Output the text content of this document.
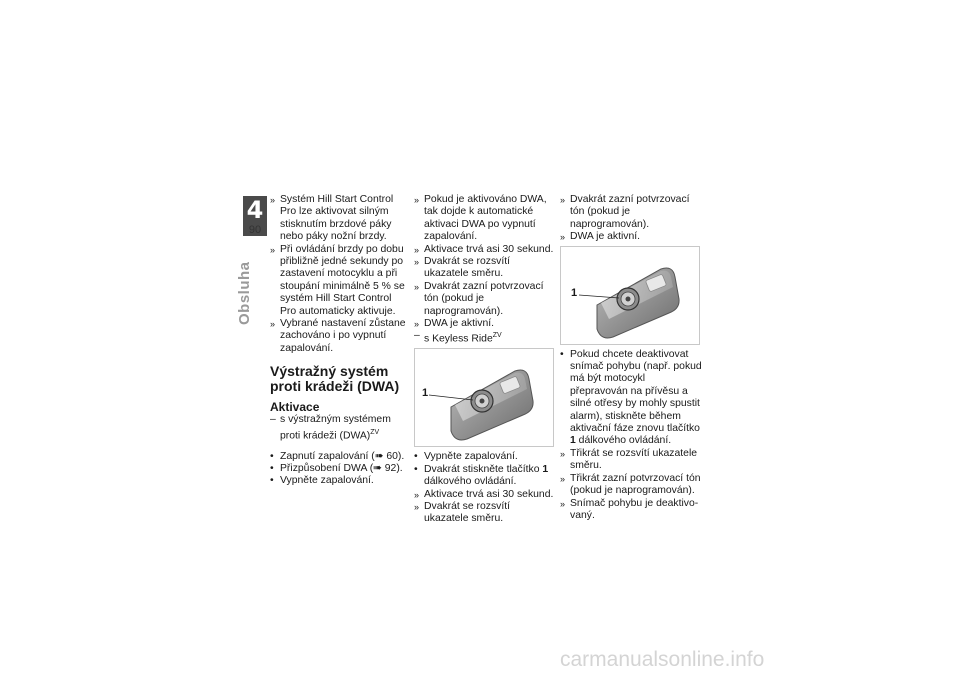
4
90
Obsluha

»
Systém Hill Start Control Pro lze aktivovat silným stisknutím brzdové páky nebo páky nožní brzdy.

»
Při ovládání brzdy po dobu přibližně jedné sekundy po zastavení motocyklu a při stoupání minimálně 5 % se systém Hill Start Control Pro automaticky aktivuje.

»
Vybrané nastavení zůstane zachováno i po vypnutí zapalování.

Výstražný systém proti krádeži (DWA)
Aktivace

–
s výstražným systémem proti krádeži (DWA)$^{ZV}$

•
Zapnutí zapalování (➠ 60).

•
Přizpůsobení DWA (➠ 92).

•
Vypněte zapalování.

»
Pokud je aktivováno DWA, tak dojde k automatické aktivaci DWA po vypnutí zapalování.

»
Aktivace trvá asi 30 sekund.

»
Dvakrát se rozsvítí ukazatele směru.

»
Dvakrát zazní potvrzovací tón (pokud je naprogramován).

»
DWA je aktivní.

–
s Keyless Ride$^{ZV}$

1

•
Vypněte zapalování.

•
Dvakrát stiskněte tlačítko 1 dálkového ovládání.

»
Aktivace trvá asi 30 sekund.

»
Dvakrát se rozsvítí ukazatele směru.

»
Dvakrát zazní potvrzovací tón (pokud je naprogramován).

»
DWA je aktivní.

1

•
Pokud chcete deaktivovat snímač pohybu (např. pokud má být motocykl přepravován na přívěsu a silné otřesy by mohly spustit alarm), stiskněte během aktivační fáze znovu tlačítko 1 dálkového ovládání.

»
Třikrát se rozsvítí ukazatele směru.

»
Třikrát zazní potvrzovací tón (pokud je naprogramován).

»
Snímač pohybu je deaktivovaný.

carmanualsonline.info
